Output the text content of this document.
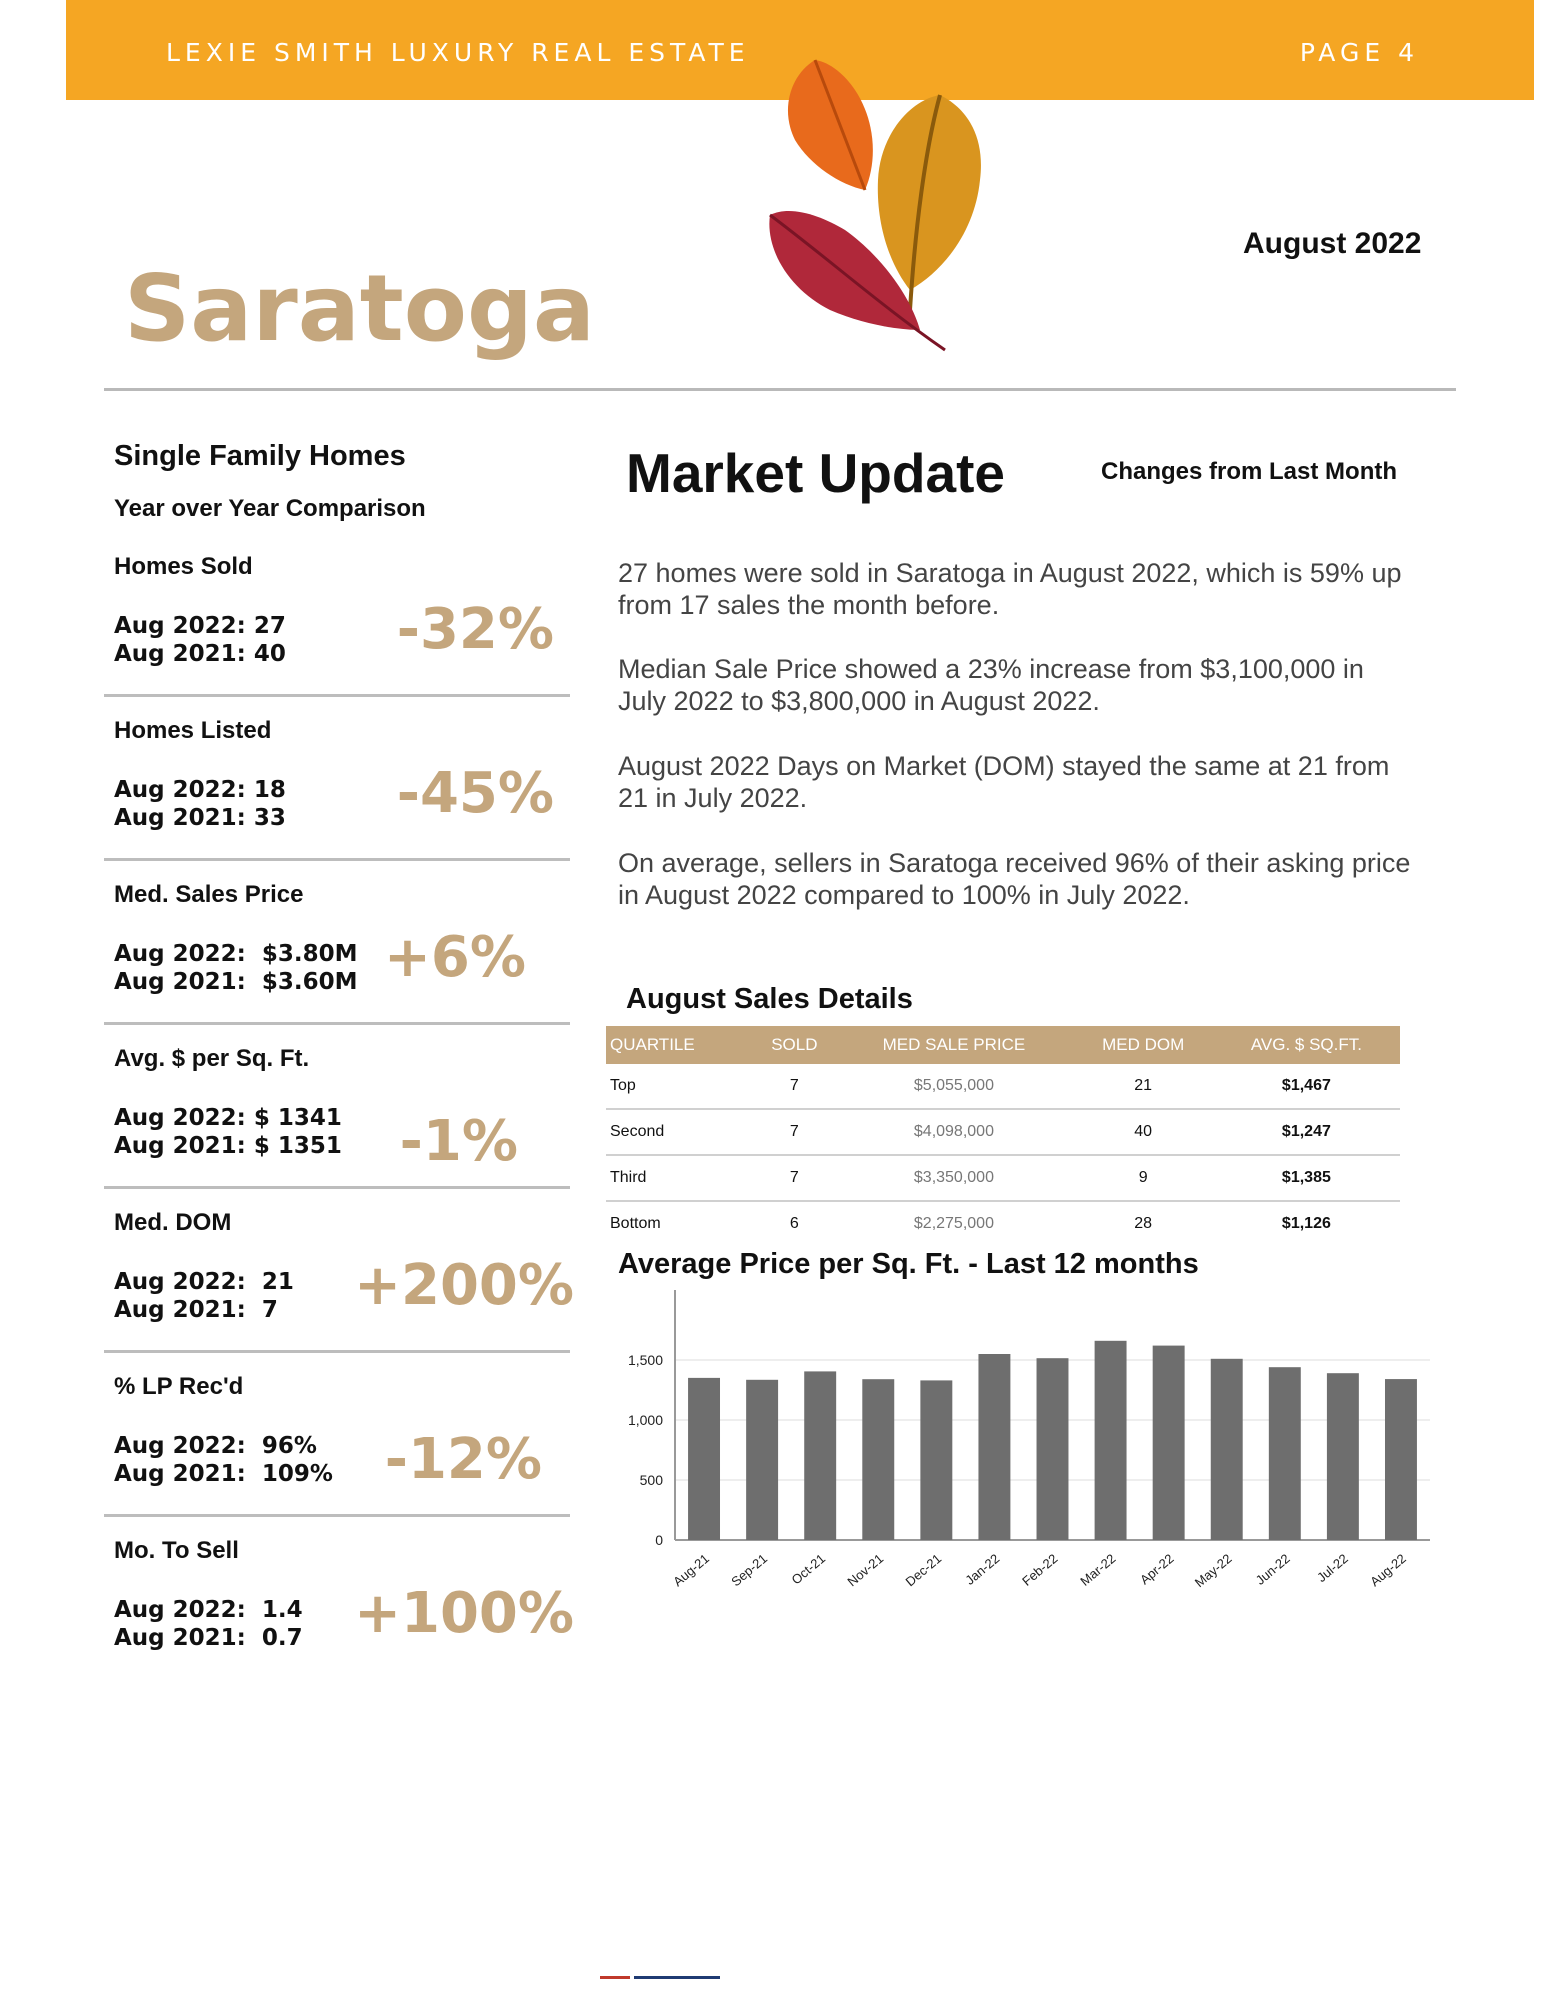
LEXIE SMITH LUXURY REAL ESTATE	PAGE 4
August 2022
Saratoga
Single Family Homes
Year over Year Comparison
Homes Sold
Aug 2022: 27
Aug 2021: 40 -32%
Homes Listed
Aug 2022: 18
Aug 2021: 33 -45%
Med. Sales Price
Aug 2022: $3.80M
Aug 2021: $3.60M +6%
Avg. $ per Sq. Ft.
Aug 2022: $ 1341
Aug 2021: $ 1351 -1%
Med. DOM
Aug 2022: 21
Aug 2021: 7 +200%
% LP Rec'd
Aug 2022: 96%
Aug 2021: 109% -12%
Mo. To Sell
Aug 2022: 1.4
Aug 2021: 0.7 +100%
Market Update	Changes from Last Month
27 homes were sold in Saratoga in August 2022, which is 59% up from 17 sales the month before.
Median Sale Price showed a 23% increase from $3,100,000 in July 2022 to $3,800,000 in August 2022.
August 2022 Days on Market (DOM) stayed the same at 21 from 21 in July 2022.
On average, sellers in Saratoga received 96% of their asking price in August 2022 compared to 100% in July 2022.
August Sales Details
QUARTILE	SOLD	MED SALE PRICE	MED DOM	AVG. $ SQ.FT.
Top	7	$5,055,000	21	$1,467
Second	7	$4,098,000	40	$1,247
Third	7	$3,350,000	9	$1,385
Bottom	6	$2,275,000	28	$1,126
Average Price per Sq. Ft. - Last 12 months
0
500
1,000
1,500
Aug-21 Sep-21 Oct-21 Nov-21 Dec-21 Jan-22 Feb-22 Mar-22 Apr-22 May-22 Jun-22 Jul-22 Aug-22
